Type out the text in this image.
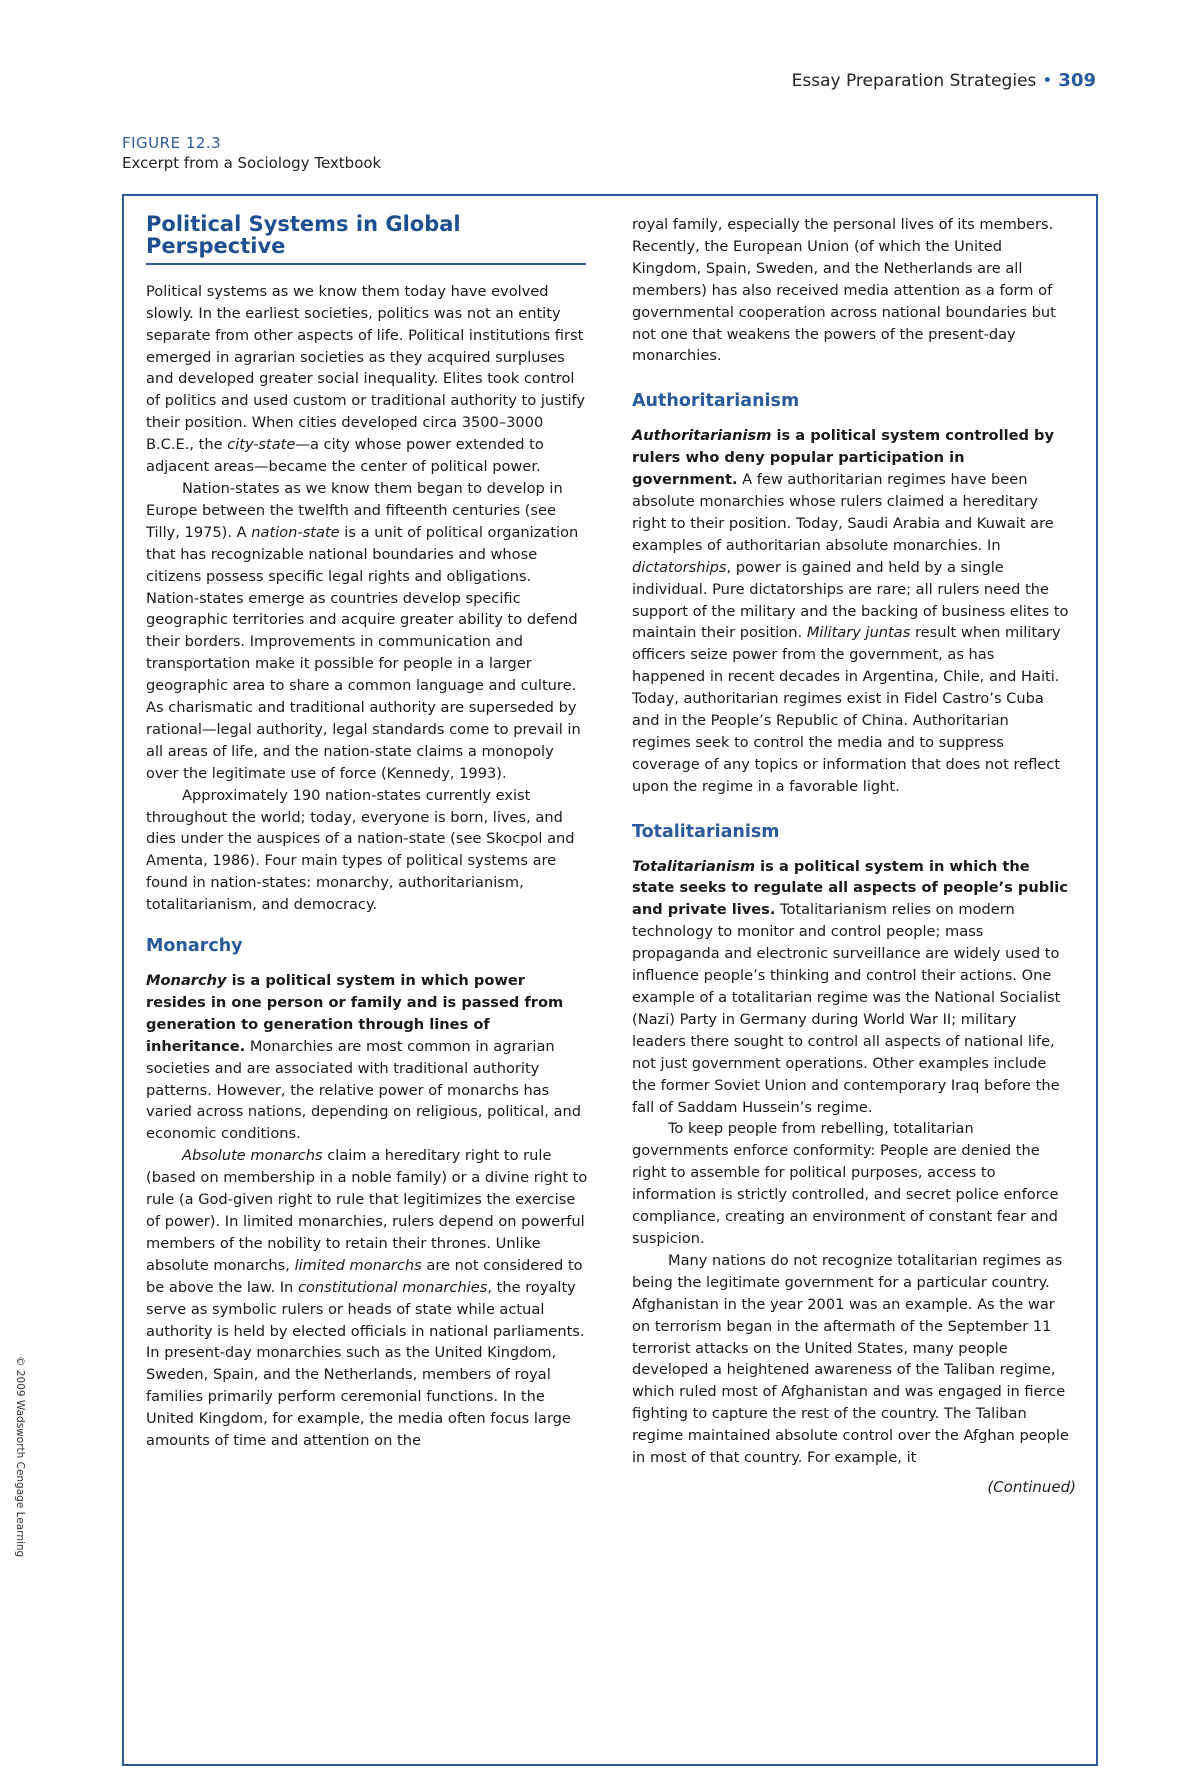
Essay Preparation Strategies • 309
FIGURE 12.3
Excerpt from a Sociology Textbook
© 2009 Wadsworth Cengage Learning
Political Systems in Global Perspective

Political systems as we know them today have evolved slowly. In the earliest societies, politics was not an entity separate from other aspects of life. Political institutions first emerged in agrarian societies as they acquired surpluses and developed greater social inequality. Elites took control of politics and used custom or traditional authority to justify their position. When cities developed circa 3500–3000 B.C.E., the city-state—a city whose power extended to adjacent areas—became the center of political power.

Nation-states as we know them began to develop in Europe between the twelfth and fifteenth centuries (see Tilly, 1975). A nation-state is a unit of political organization that has recognizable national boundaries and whose citizens possess specific legal rights and obligations. Nation-states emerge as countries develop specific geographic territories and acquire greater ability to defend their borders. Improvements in communication and transportation make it possible for people in a larger geographic area to share a common language and culture. As charismatic and traditional authority are superseded by rational—legal authority, legal standards come to prevail in all areas of life, and the nation-state claims a monopoly over the legitimate use of force (Kennedy, 1993).

Approximately 190 nation-states currently exist throughout the world; today, everyone is born, lives, and dies under the auspices of a nation-state (see Skocpol and Amenta, 1986). Four main types of political systems are found in nation-states: monarchy, authoritarianism, totalitarianism, and democracy.

Monarchy

Monarchy is a political system in which power resides in one person or family and is passed from generation to generation through lines of inheritance. Monarchies are most common in agrarian societies and are associated with traditional authority patterns. However, the relative power of monarchs has varied across nations, depending on religious, political, and economic conditions.

Absolute monarchs claim a hereditary right to rule (based on membership in a noble family) or a divine right to rule (a God-given right to rule that legitimizes the exercise of power). In limited monarchies, rulers depend on powerful members of the nobility to retain their thrones. Unlike absolute monarchs, limited monarchs are not considered to be above the law. In constitutional monarchies, the royalty serve as symbolic rulers or heads of state while actual authority is held by elected officials in national parliaments. In present-day monarchies such as the United Kingdom, Sweden, Spain, and the Netherlands, members of royal families primarily perform ceremonial functions. In the United Kingdom, for example, the media often focus large amounts of time and attention on the

royal family, especially the personal lives of its members. Recently, the European Union (of which the United Kingdom, Spain, Sweden, and the Netherlands are all members) has also received media attention as a form of governmental cooperation across national boundaries but not one that weakens the powers of the present-day monarchies.

Authoritarianism

Authoritarianism is a political system controlled by rulers who deny popular participation in government. A few authoritarian regimes have been absolute monarchies whose rulers claimed a hereditary right to their position. Today, Saudi Arabia and Kuwait are examples of authoritarian absolute monarchies. In dictatorships, power is gained and held by a single individual. Pure dictatorships are rare; all rulers need the support of the military and the backing of business elites to maintain their position. Military juntas result when military officers seize power from the government, as has happened in recent decades in Argentina, Chile, and Haiti. Today, authoritarian regimes exist in Fidel Castro’s Cuba and in the People’s Republic of China. Authoritarian regimes seek to control the media and to suppress coverage of any topics or information that does not reflect upon the regime in a favorable light.

Totalitarianism

Totalitarianism is a political system in which the state seeks to regulate all aspects of people’s public and private lives. Totalitarianism relies on modern technology to monitor and control people; mass propaganda and electronic surveillance are widely used to influence people’s thinking and control their actions. One example of a totalitarian regime was the National Socialist (Nazi) Party in Germany during World War II; military leaders there sought to control all aspects of national life, not just government operations. Other examples include the former Soviet Union and contemporary Iraq before the fall of Saddam Hussein’s regime.

To keep people from rebelling, totalitarian governments enforce conformity: People are denied the right to assemble for political purposes, access to information is strictly controlled, and secret police enforce compliance, creating an environment of constant fear and suspicion.

Many nations do not recognize totalitarian regimes as being the legitimate government for a particular country. Afghanistan in the year 2001 was an example. As the war on terrorism began in the aftermath of the September 11 terrorist attacks on the United States, many people developed a heightened awareness of the Taliban regime, which ruled most of Afghanistan and was engaged in fierce fighting to capture the rest of the country. The Taliban regime maintained absolute control over the Afghan people in most of that country. For example, it

(Continued)
